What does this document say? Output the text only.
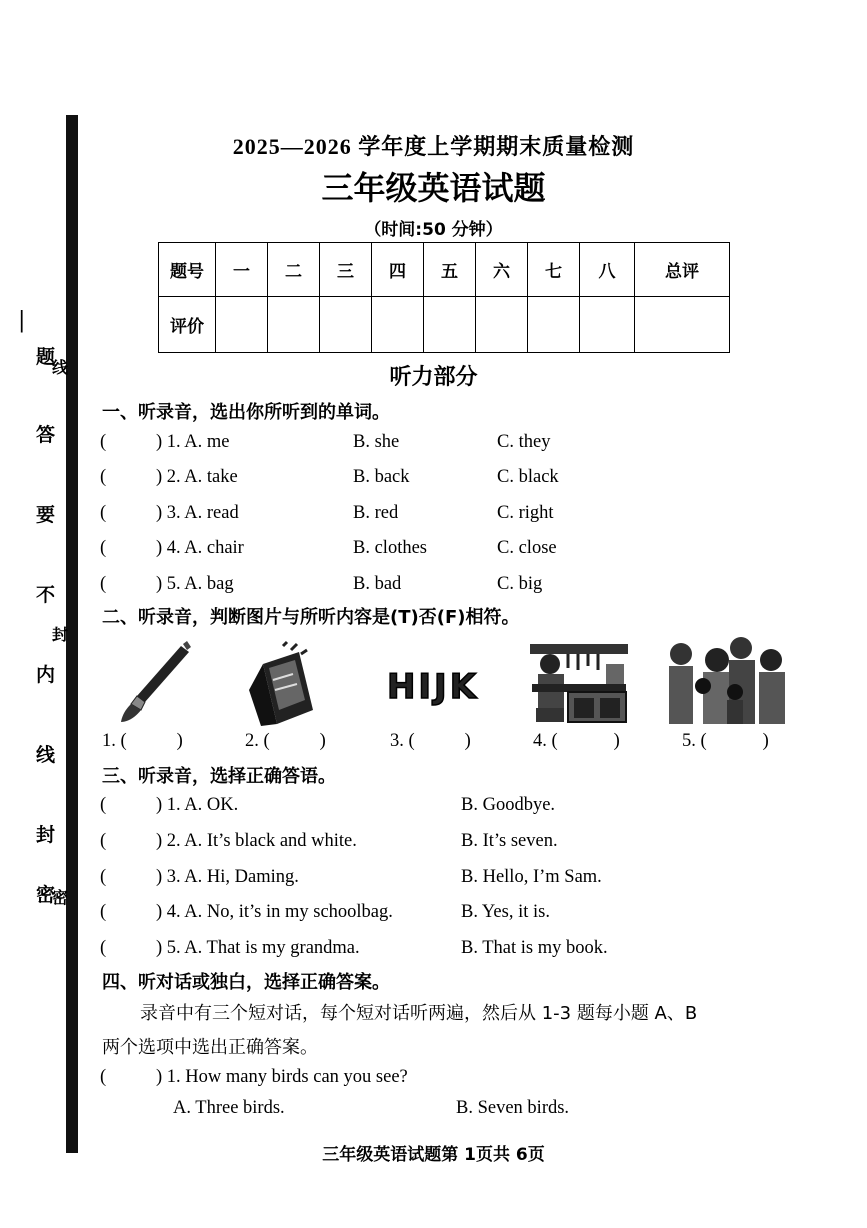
|
题
答
要
不
内
线
封
密
线
封
密
2025—2026 学年度上学期期末质量检测
三年级英语试题
（时间:50 分钟）
题号	一	二	三	四	五	六	七	八	总评
评价									
听力部分
一、听录音，选出你所听到的单词。
(	) 1. A. me	B. she	C. they
(	) 2. A. take	B. back	C. black
(	) 3. A. read	B. red	C. right
(	) 4. A. chair	B. clothes	C. close
(	) 5. A. bag	B. bad	C. big
二、听录音，判断图片与所听内容是(T)否(F)相符。
HIJK
1. (	)	2. (	)	3. (	)	4. (	)	5. (	)
三、听录音，选择正确答语。
(	) 1. A. OK.	B. Goodbye.
(	) 2. A. It’s black and white.	B. It’s seven.
(	) 3. A. Hi, Daming.	B. Hello, I’m Sam.
(	) 4. A. No, it’s in my schoolbag.	B. Yes, it is.
(	) 5. A. That is my grandma.	B. That is my book.
四、听对话或独白，选择正确答案。
录音中有三个短对话，每个短对话听两遍，然后从 1-3 题每小题 A、B
两个选项中选出正确答案。
(	) 1. How many birds can you see?
A. Three birds.	B. Seven birds.
三年级英语试题第 1页共 6页
